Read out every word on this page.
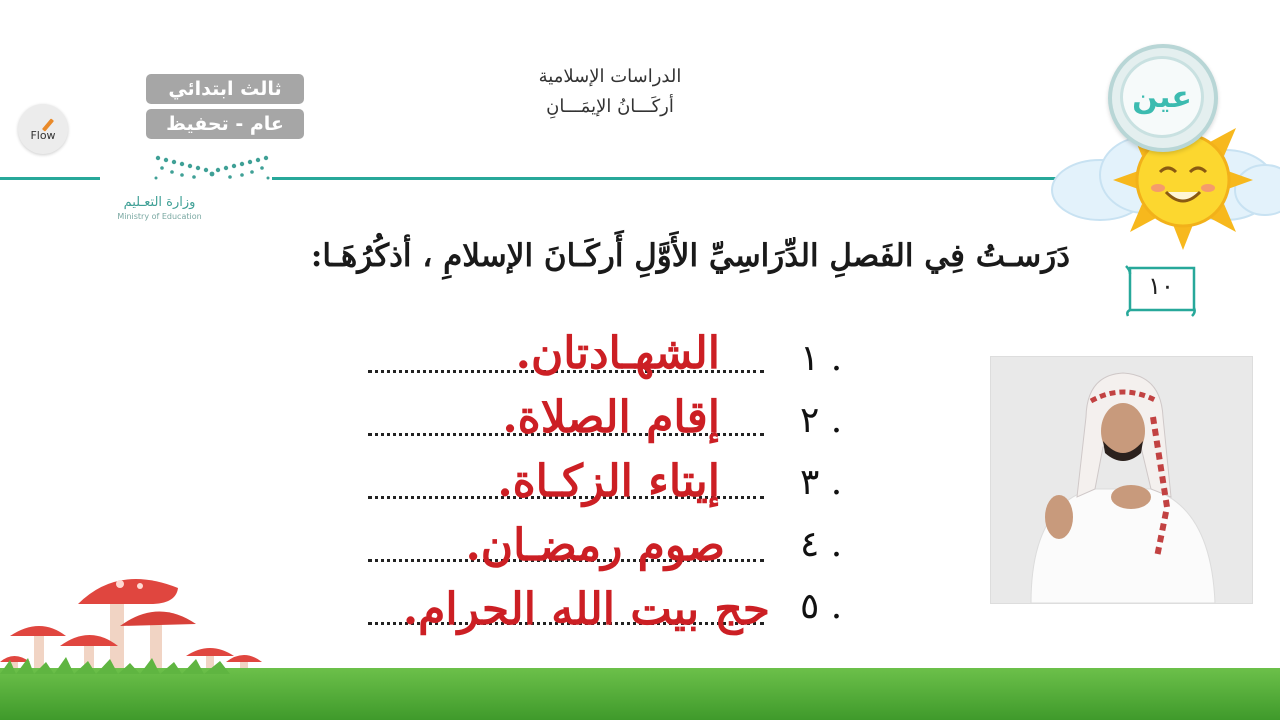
ثالث ابتدائي
عام - تحفيظ
الدراسات الإسلامية
أركَـــانُ الإيمَـــانِ
Flow
وزارة التعـليم
Ministry of Education
عين
١٠
دَرَسـتُ فِي الفَصلِ الدِّرَاسِيِّ الأَوَّلِ أَركَـانَ الإسلامِ ، أذكُرُهَـا:
١ .
الشهـادتان.
٢ .
إقام الصلاة.
٣ .
إيتاء الزكـاة.
٤ .
صوم رمضـان.
٥ .
حج بيت الله الحرام.
